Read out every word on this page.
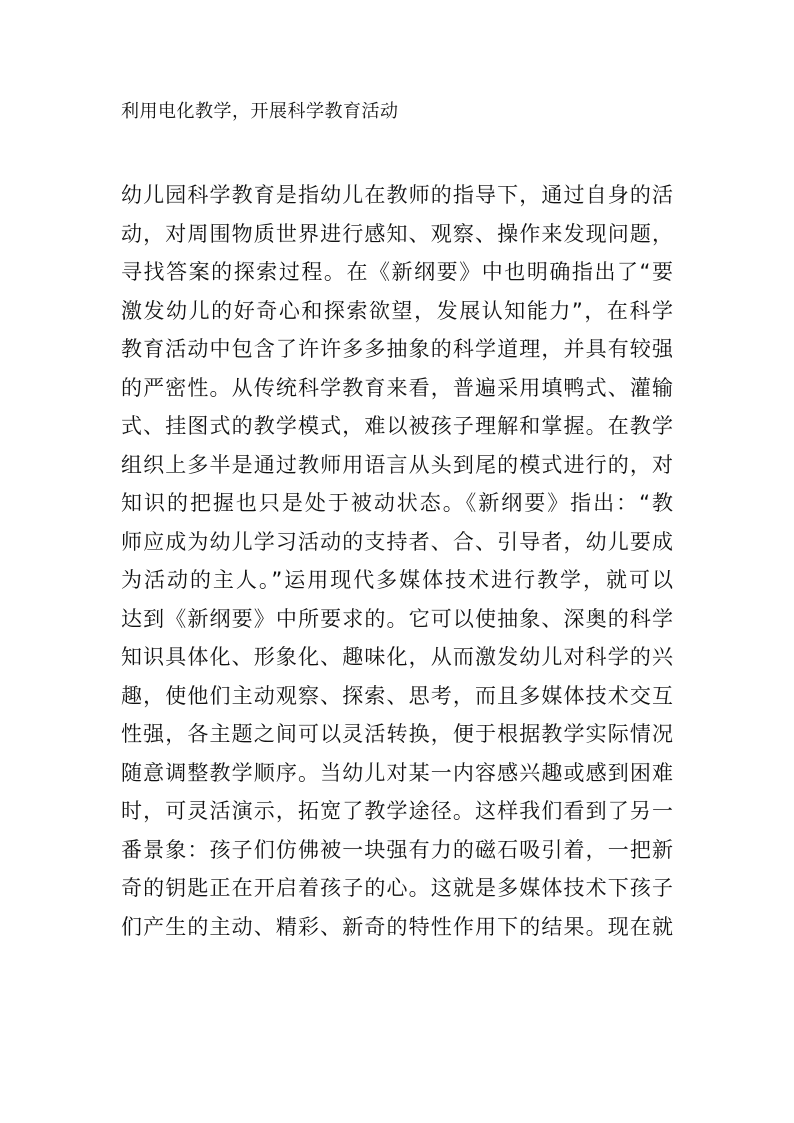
利用电化教学，开展科学教育活动
幼儿园科学教育是指幼儿在教师的指导下，通过自身的活
动，对周围物质世界进行感知、观察、操作来发现问题，
寻找答案的探索过程。在《新纲要》中也明确指出了“要
激发幼儿的好奇心和探索欲望，发展认知能力”，在科学
教育活动中包含了许许多多抽象的科学道理，并具有较强
的严密性。从传统科学教育来看，普遍采用填鸭式、灌输
式、挂图式的教学模式，难以被孩子理解和掌握。在教学
组织上多半是通过教师用语言从头到尾的模式进行的，对
知识的把握也只是处于被动状态。《新纲要》指出：“教
师应成为幼儿学习活动的支持者、合、引导者，幼儿要成
为活动的主人。”运用现代多媒体技术进行教学，就可以
达到《新纲要》中所要求的。它可以使抽象、深奥的科学
知识具体化、形象化、趣味化，从而激发幼儿对科学的兴
趣，使他们主动观察、探索、思考，而且多媒体技术交互
性强，各主题之间可以灵活转换，便于根据教学实际情况
随意调整教学顺序。当幼儿对某一内容感兴趣或感到困难
时，可灵活演示，拓宽了教学途径。这样我们看到了另一
番景象：孩子们仿佛被一块强有力的磁石吸引着，一把新
奇的钥匙正在开启着孩子的心。这就是多媒体技术下孩子
们产生的主动、精彩、新奇的特性作用下的结果。现在就
